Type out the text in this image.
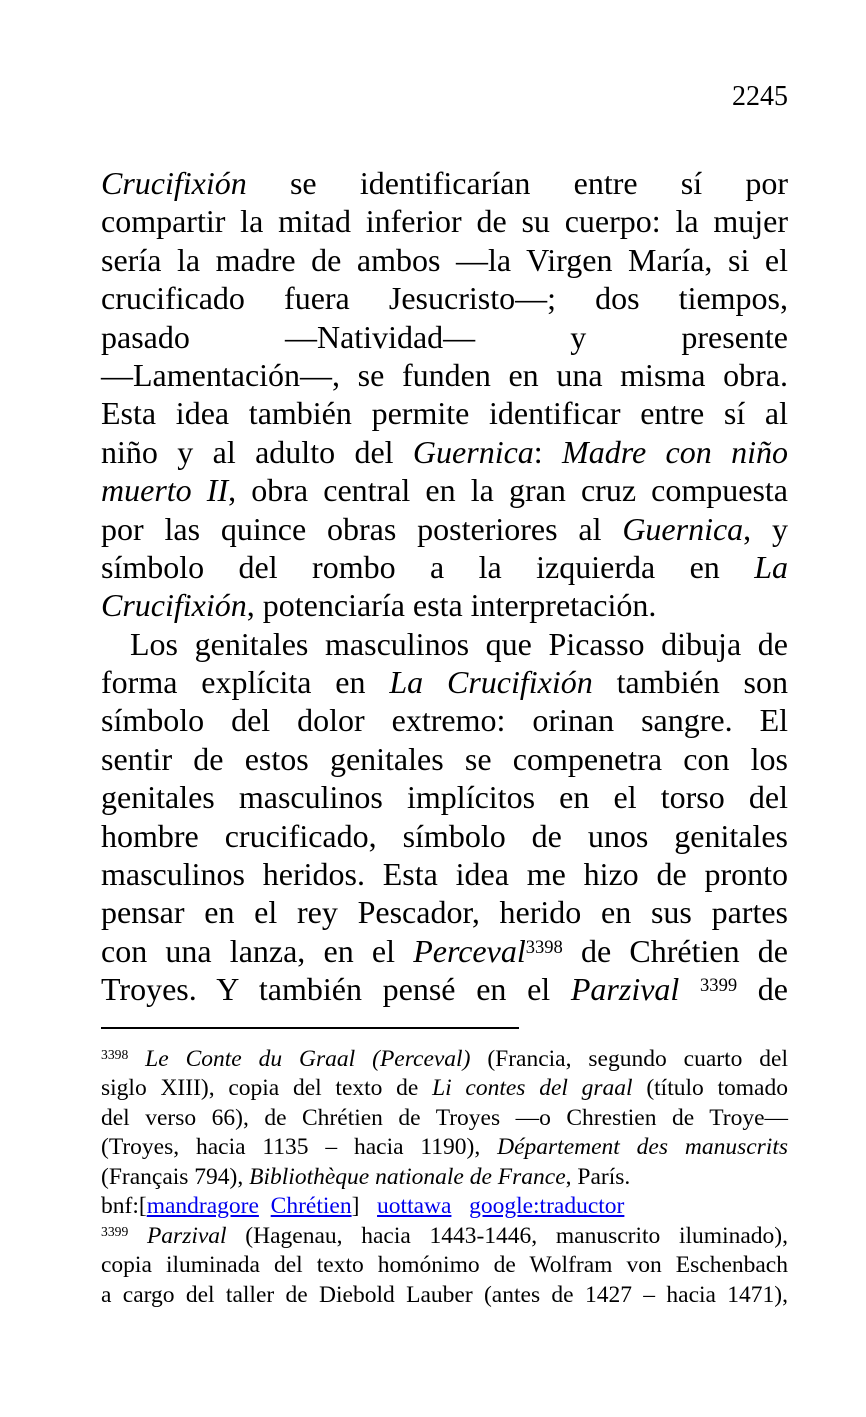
2245
Crucifixión se identificarían entre sí por
compartir la mitad inferior de su cuerpo: la mujer
sería la madre de ambos —la Virgen María, si el
crucificado fuera Jesucristo—; dos tiempos,
pasado —Natividad— y presente
—Lamentación—, se funden en una misma obra.
Esta idea también permite identificar entre sí al
niño y al adulto del Guernica: Madre con niño
muerto II, obra central en la gran cruz compuesta
por las quince obras posteriores al Guernica, y
símbolo del rombo a la izquierda en La
Crucifixión, potenciaría esta interpretación.
Los genitales masculinos que Picasso dibuja de
forma explícita en La Crucifixión también son
símbolo del dolor extremo: orinan sangre. El
sentir de estos genitales se compenetra con los
genitales masculinos implícitos en el torso del
hombre crucificado, símbolo de unos genitales
masculinos heridos. Esta idea me hizo de pronto
pensar en el rey Pescador, herido en sus partes
con una lanza, en el Perceval$^{3398}$ de Chrétien de
Troyes. Y también pensé en el Parzival $^{3399}$ de
$^{3398}$ Le Conte du Graal (Perceval) (Francia, segundo cuarto del
siglo XIII), copia del texto de Li contes del graal (título tomado
del verso 66), de Chrétien de Troyes —o Chrestien de Troye—
(Troyes, hacia 1135 – hacia 1190), Département des manuscrits
(Français 794), Bibliothèque nationale de France, París.
bnf:[mandragore Chrétien]   uottawa google:traductor
$^{3399}$ Parzival (Hagenau, hacia 1443-1446, manuscrito iluminado),
copia iluminada del texto homónimo de Wolfram von Eschenbach
a cargo del taller de Diebold Lauber (antes de 1427 – hacia 1471),
